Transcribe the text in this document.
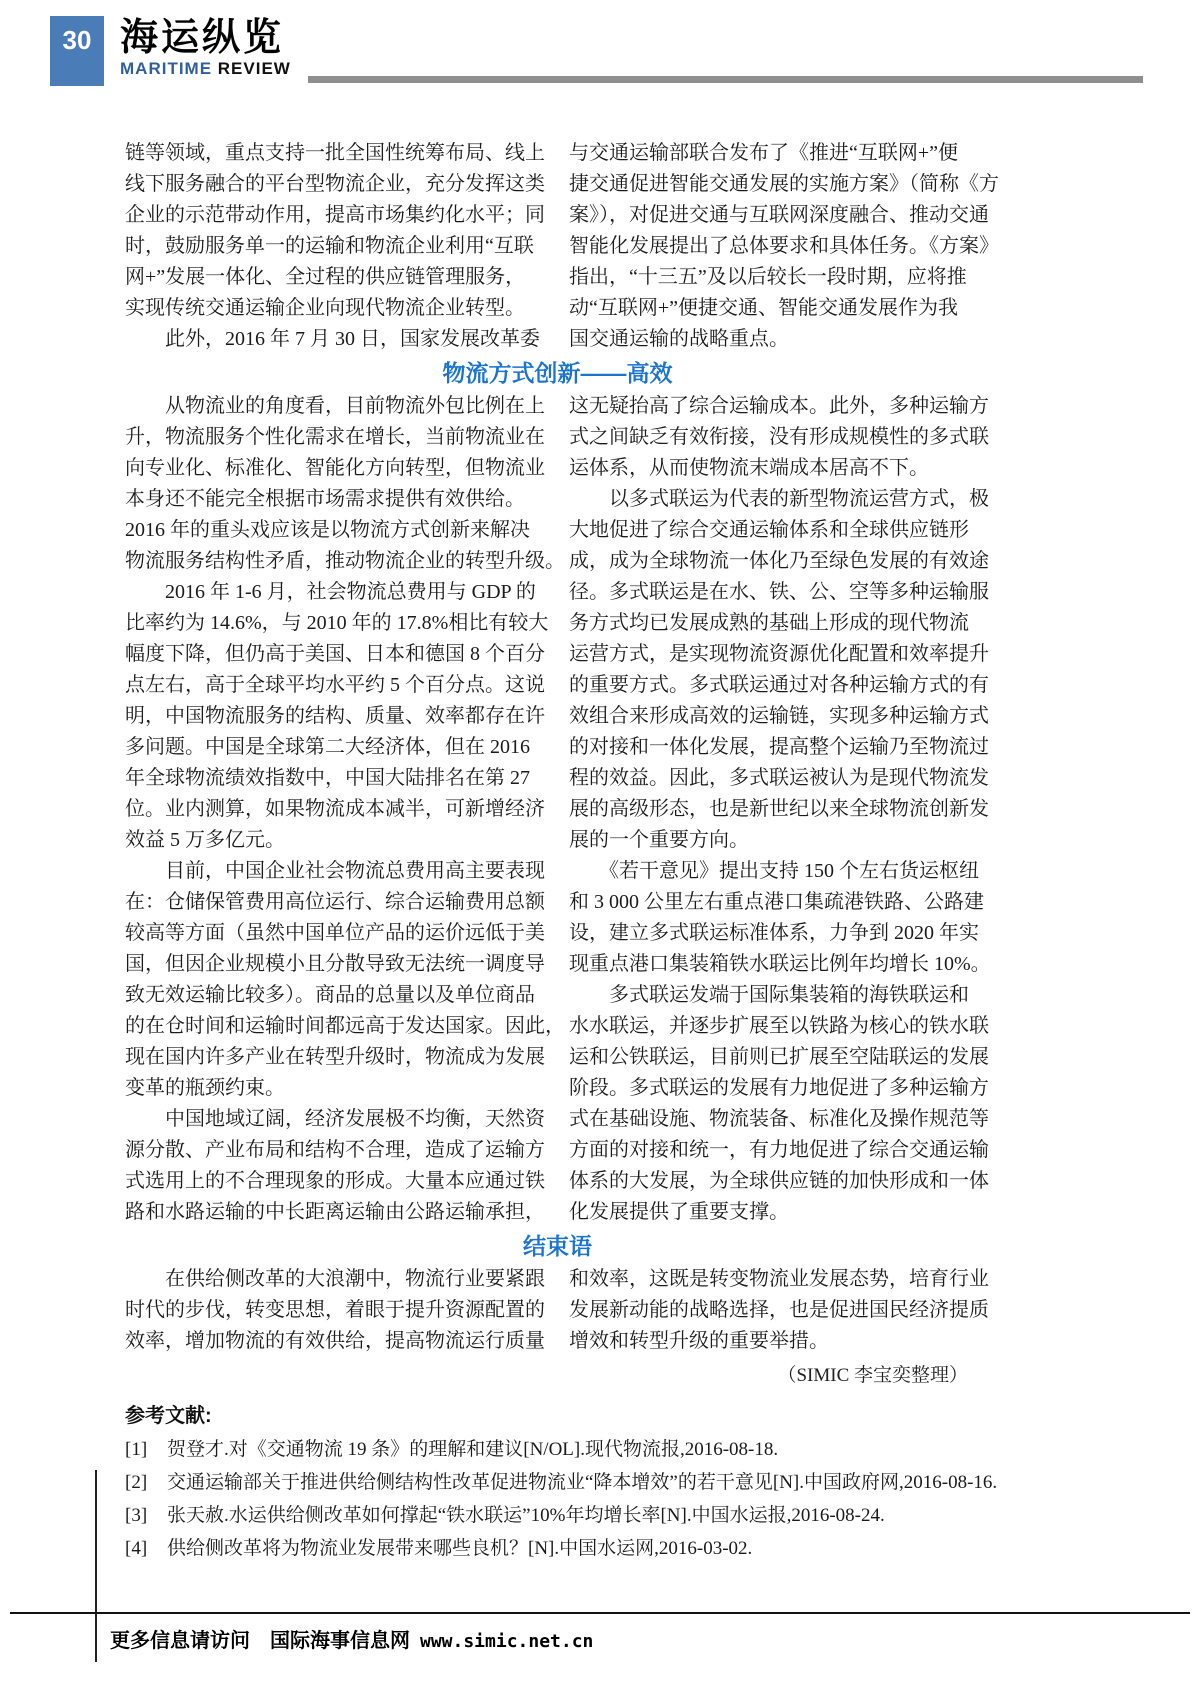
30 海运纵览
MARITIME REVIEW
链等领域，重点支持一批全国性统筹布局、线上
线下服务融合的平台型物流企业，充分发挥这类
企业的示范带动作用，提高市场集约化水平；同
时，鼓励服务单一的运输和物流企业利用“互联
网+”发展一体化、全过程的供应链管理服务，
实现传统交通运输企业向现代物流企业转型。
　　此外，2016 年 7 月 30 日，国家发展改革委
与交通运输部联合发布了《推进“互联网+”便
捷交通促进智能交通发展的实施方案》（简称《方
案》），对促进交通与互联网深度融合、推动交通
智能化发展提出了总体要求和具体任务。《方案》
指出，“十三五”及以后较长一段时期，应将推
动“互联网+”便捷交通、智能交通发展作为我
国交通运输的战略重点。
物流方式创新——高效
　　从物流业的角度看，目前物流外包比例在上
升，物流服务个性化需求在增长，当前物流业在
向专业化、标准化、智能化方向转型，但物流业
本身还不能完全根据市场需求提供有效供给。
2016 年的重头戏应该是以物流方式创新来解决
物流服务结构性矛盾，推动物流企业的转型升级。
　　2016 年 1-6 月，社会物流总费用与 GDP 的
比率约为 14.6%，与 2010 年的 17.8%相比有较大
幅度下降，但仍高于美国、日本和德国 8 个百分
点左右，高于全球平均水平约 5 个百分点。这说
明，中国物流服务的结构、质量、效率都存在许
多问题。中国是全球第二大经济体，但在 2016
年全球物流绩效指数中，中国大陆排名在第 27
位。业内测算，如果物流成本减半，可新增经济
效益 5 万多亿元。
　　目前，中国企业社会物流总费用高主要表现
在：仓储保管费用高位运行、综合运输费用总额
较高等方面（虽然中国单位产品的运价远低于美
国，但因企业规模小且分散导致无法统一调度导
致无效运输比较多）。商品的总量以及单位商品
的在仓时间和运输时间都远高于发达国家。因此，
现在国内许多产业在转型升级时，物流成为发展
变革的瓶颈约束。
　　中国地域辽阔，经济发展极不均衡，天然资
源分散、产业布局和结构不合理，造成了运输方
式选用上的不合理现象的形成。大量本应通过铁
路和水路运输的中长距离运输由公路运输承担，
这无疑抬高了综合运输成本。此外，多种运输方
式之间缺乏有效衔接，没有形成规模性的多式联
运体系，从而使物流末端成本居高不下。
　　以多式联运为代表的新型物流运营方式，极
大地促进了综合交通运输体系和全球供应链形
成，成为全球物流一体化乃至绿色发展的有效途
径。多式联运是在水、铁、公、空等多种运输服
务方式均已发展成熟的基础上形成的现代物流
运营方式，是实现物流资源优化配置和效率提升
的重要方式。多式联运通过对各种运输方式的有
效组合来形成高效的运输链，实现多种运输方式
的对接和一体化发展，提高整个运输乃至物流过
程的效益。因此，多式联运被认为是现代物流发
展的高级形态，也是新世纪以来全球物流创新发
展的一个重要方向。
　　《若干意见》提出支持 150 个左右货运枢纽
和 3 000 公里左右重点港口集疏港铁路、公路建
设，建立多式联运标准体系，力争到 2020 年实
现重点港口集装箱铁水联运比例年均增长 10%。
　　多式联运发端于国际集装箱的海铁联运和
水水联运，并逐步扩展至以铁路为核心的铁水联
运和公铁联运，目前则已扩展至空陆联运的发展
阶段。多式联运的发展有力地促进了多种运输方
式在基础设施、物流装备、标准化及操作规范等
方面的对接和统一，有力地促进了综合交通运输
体系的大发展，为全球供应链的加快形成和一体
化发展提供了重要支撑。
结束语
　　在供给侧改革的大浪潮中，物流行业要紧跟
时代的步伐，转变思想，着眼于提升资源配置的
效率，增加物流的有效供给，提高物流运行质量
和效率，这既是转变物流业发展态势，培育行业
发展新动能的战略选择，也是促进国民经济提质
增效和转型升级的重要举措。
（SIMIC 李宝奕整理）
参考文献:
[1]	贺登才.对《交通物流 19 条》的理解和建议[N/OL].现代物流报,2016-08-18.
[2]	交通运输部关于推进供给侧结构性改革促进物流业“降本增效”的若干意见[N].中国政府网,2016-08-16.
[3]	张天赦.水运供给侧改革如何撑起“铁水联运”10%年均增长率[N].中国水运报,2016-08-24.
[4]	供给侧改革将为物流业发展带来哪些良机？[N].中国水运网,2016-03-02.
更多信息请访问　国际海事信息网 www.simic.net.cn
